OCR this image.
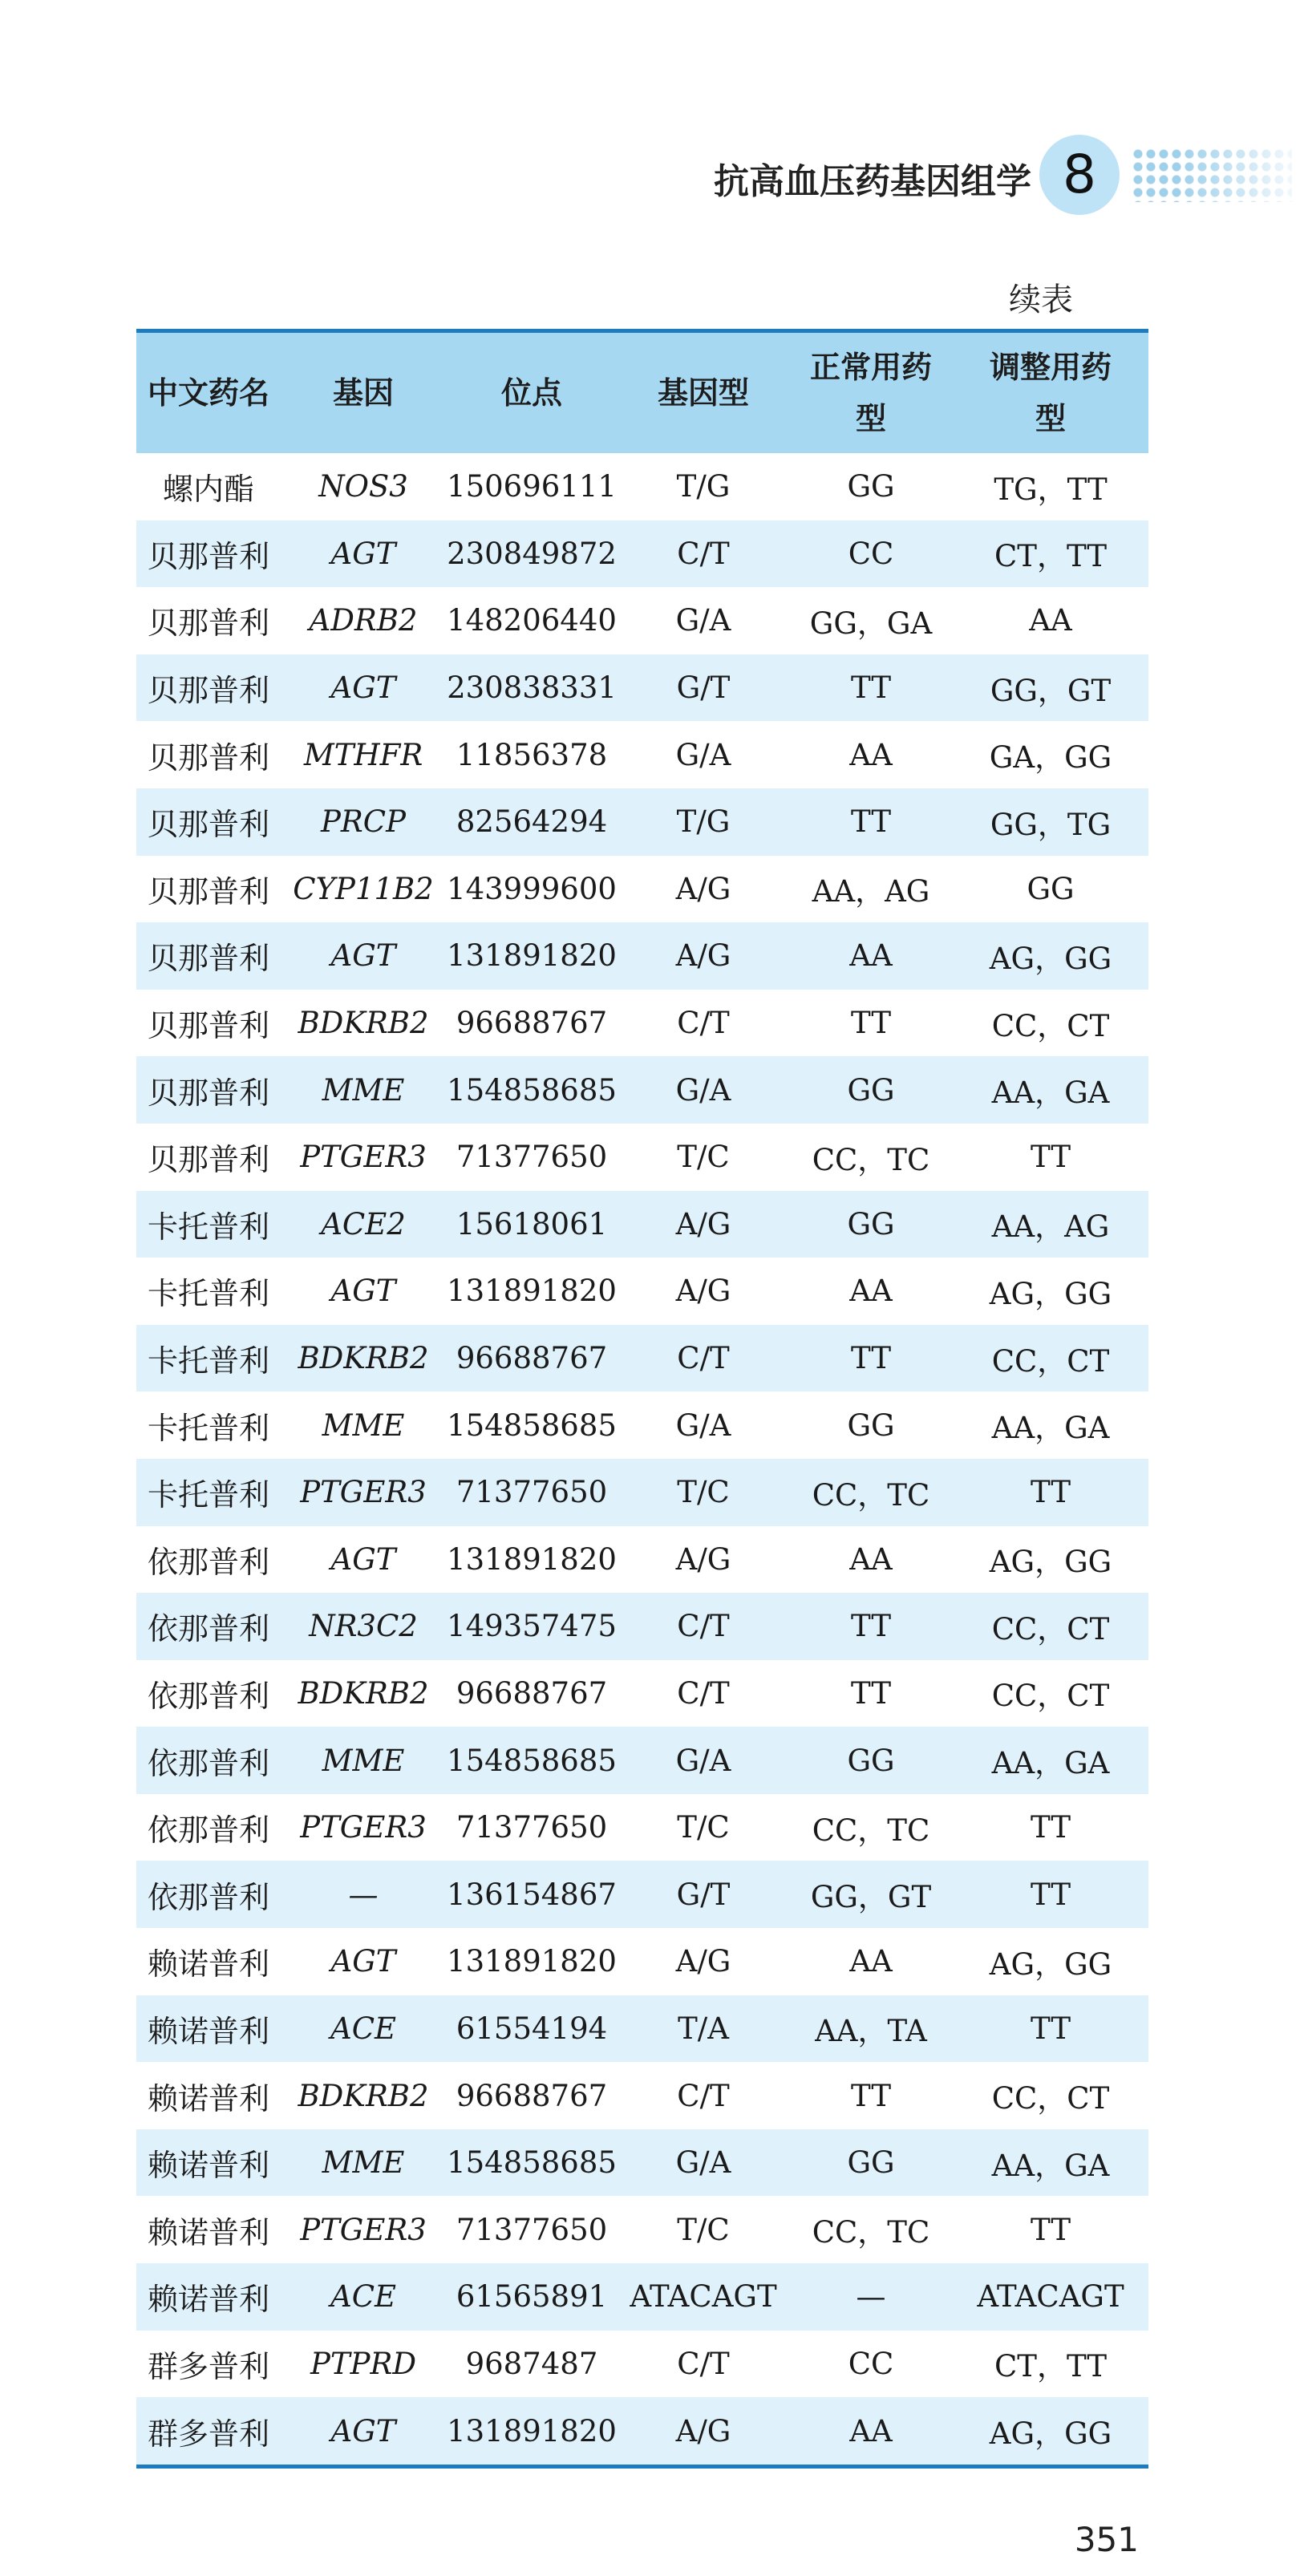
抗高血压药基因组学 8
续表
中文药名	基因	位点	基因型	正常用药型	调整用药型

螺内酯	NOS3	150696111	T/G	GG	TG，TT
贝那普利	AGT	230849872	C/T	CC	CT，TT
贝那普利	ADRB2	148206440	G/A	GG，GA	AA
贝那普利	AGT	230838331	G/T	TT	GG，GT
贝那普利	MTHFR	11856378	G/A	AA	GA，GG
贝那普利	PRCP	82564294	T/G	TT	GG，TG
贝那普利	CYP11B2	143999600	A/G	AA，AG	GG
贝那普利	AGT	131891820	A/G	AA	AG，GG
贝那普利	BDKRB2	96688767	C/T	TT	CC，CT
贝那普利	MME	154858685	G/A	GG	AA，GA
贝那普利	PTGER3	71377650	T/C	CC，TC	TT
卡托普利	ACE2	15618061	A/G	GG	AA，AG
卡托普利	AGT	131891820	A/G	AA	AG，GG
卡托普利	BDKRB2	96688767	C/T	TT	CC，CT
卡托普利	MME	154858685	G/A	GG	AA，GA
卡托普利	PTGER3	71377650	T/C	CC，TC	TT
依那普利	AGT	131891820	A/G	AA	AG，GG
依那普利	NR3C2	149357475	C/T	TT	CC，CT
依那普利	BDKRB2	96688767	C/T	TT	CC，CT
依那普利	MME	154858685	G/A	GG	AA，GA
依那普利	PTGER3	71377650	T/C	CC，TC	TT
依那普利	—	136154867	G/T	GG，GT	TT
赖诺普利	AGT	131891820	A/G	AA	AG，GG
赖诺普利	ACE	61554194	T/A	AA，TA	TT
赖诺普利	BDKRB2	96688767	C/T	TT	CC，CT
赖诺普利	MME	154858685	G/A	GG	AA，GA
赖诺普利	PTGER3	71377650	T/C	CC，TC	TT
赖诺普利	ACE	61565891	ATACAGT	—	ATACAGT
群多普利	PTPRD	9687487	C/T	CC	CT，TT
群多普利	AGT	131891820	A/G	AA	AG，GG
351
